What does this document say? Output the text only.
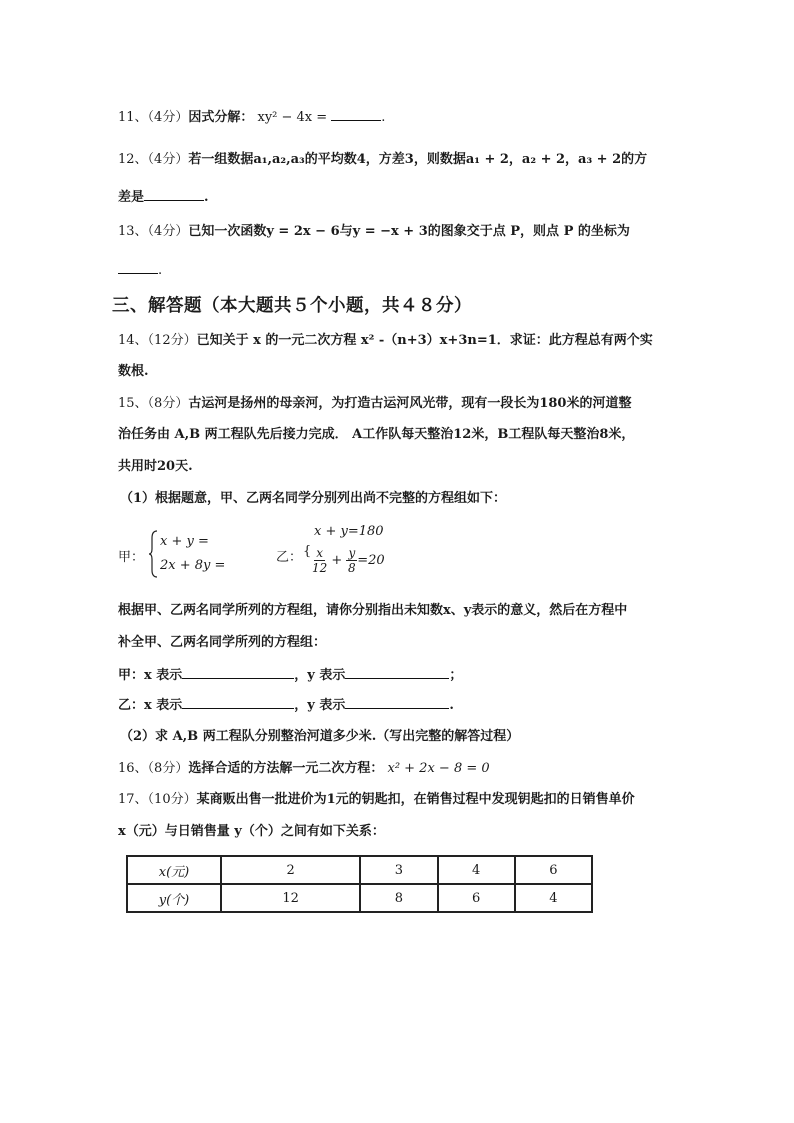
11、（4分）因式分解： xy² − 4x =	.
12、（4分）若一组数据a₁,a₂,a₃的平均数4，方差3，则数据a₁ + 2，a₂ + 2，a₃ + 2的方
差是	.
13、（4分）已知一次函数y = 2x − 6与y = −x + 3的图象交于点 P，则点 P 的坐标为
.
三、解答题（本大题共５个小题，共４８分）
14、（12分）已知关于 x 的一元二次方程 x² -（n+3）x+3n=1．求证：此方程总有两个实
数根.
15、（8分）古运河是扬州的母亲河，为打造古运河风光带，现有一段长为180米的河道整
治任务由 A,B 两工程队先后接力完成． A工作队每天整治12米，B工程队每天整治8米，
共用时20天.
（1）根据题意，甲、乙两名同学分别列出尚不完整的方程组如下：
甲：
x + y =
2x + 8y =
乙：
x + y=180
{ $\frac{x}{12} + \frac{y}{8} =20$
根据甲、乙两名同学所列的方程组，请你分别指出未知数x、y表示的意义，然后在方程中
补全甲、乙两名同学所列的方程组：
甲：x 表示	，y 表示	；
乙：x 表示	，y 表示	.
（2）求 A,B 两工程队分别整治河道多少米.（写出完整的解答过程）
16、（8分）选择合适的方法解一元二次方程： x² + 2x − 8 = 0
17、（10分）某商贩出售一批进价为1元的钥匙扣，在销售过程中发现钥匙扣的日销售单价
x（元）与日销售量 y（个）之间有如下关系：
x(元)	2	3	4	6
y(个)	12	8	6	4
